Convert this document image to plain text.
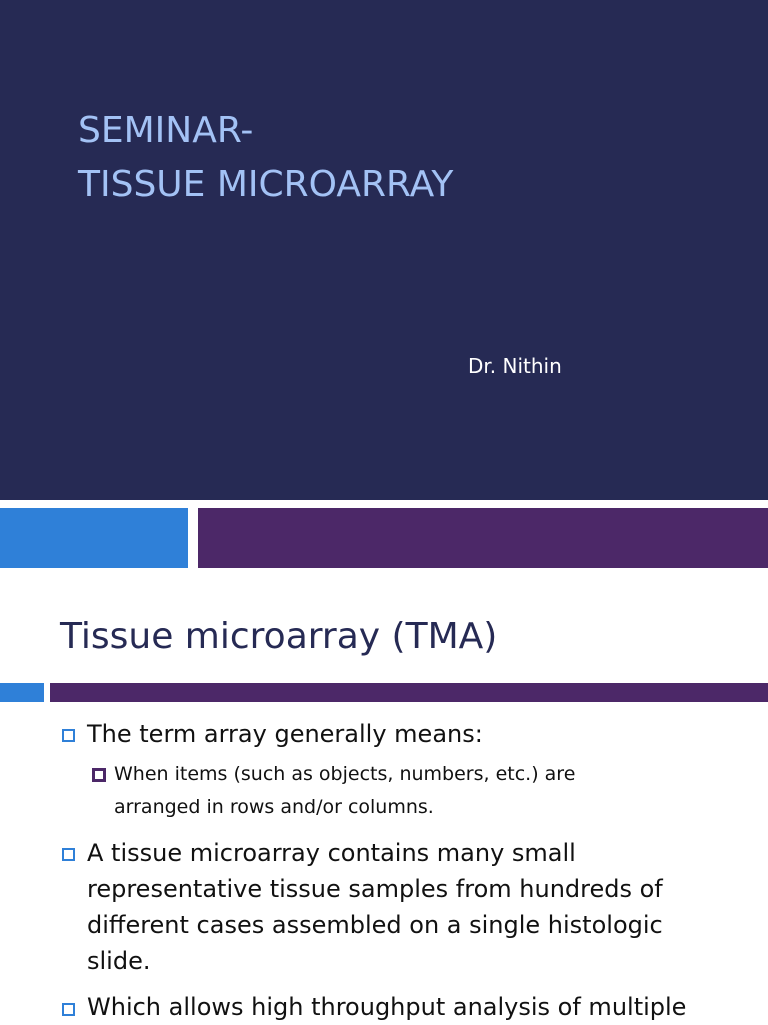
SEMINAR-
TISSUE MICROARRAY
Dr. Nithin
Tissue microarray (TMA)
The term array generally means:
When items (such as objects, numbers, etc.) are
arranged in rows and/or columns.
A tissue microarray contains many small
representative tissue samples from hundreds of
different cases assembled on a single histologic
slide.
Which allows high throughput analysis of multiple
